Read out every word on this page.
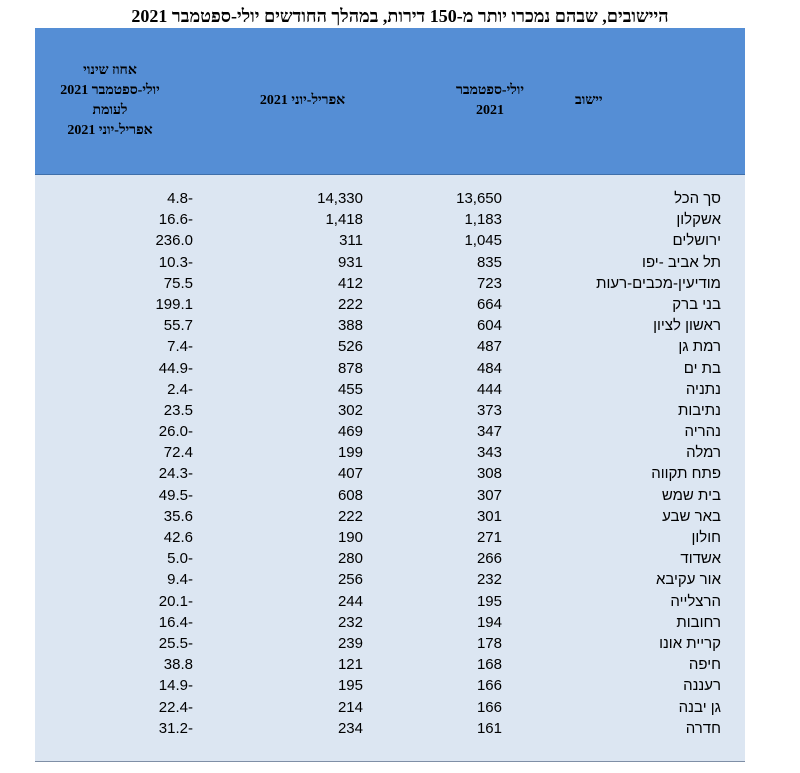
היישובים, שבהם נמכרו יותר מ-150 דירות, במהלך החודשים יולי-ספטמבר 2021
אחוז שינוי
יולי-ספטמבר 2021
לעומת
אפריל-יוני 2021
אפריל-יוני 2021
יולי-ספטמבר
2021
יישוב
4.8-	14,330	13,650	סך הכל
16.6-	1,418	1,183	אשקלון
236.0	311	1,045	ירושלים
10.3-	931	835	תל אביב -יפו
75.5	412	723	מודיעין-מכבים-רעות
199.1	222	664	בני ברק
55.7	388	604	ראשון לציון
7.4-	526	487	רמת גן
44.9-	878	484	בת ים
2.4-	455	444	נתניה
23.5	302	373	נתיבות
26.0-	469	347	נהריה
72.4	199	343	רמלה
24.3-	407	308	פתח תקווה
49.5-	608	307	בית שמש
35.6	222	301	באר שבע
42.6	190	271	חולון
5.0-	280	266	אשדוד
9.4-	256	232	אור עקיבא
20.1-	244	195	הרצלייה
16.4-	232	194	רחובות
25.5-	239	178	קריית אונו
38.8	121	168	חיפה
14.9-	195	166	רעננה
22.4-	214	166	גן יבנה
31.2-	234	161	חדרה
